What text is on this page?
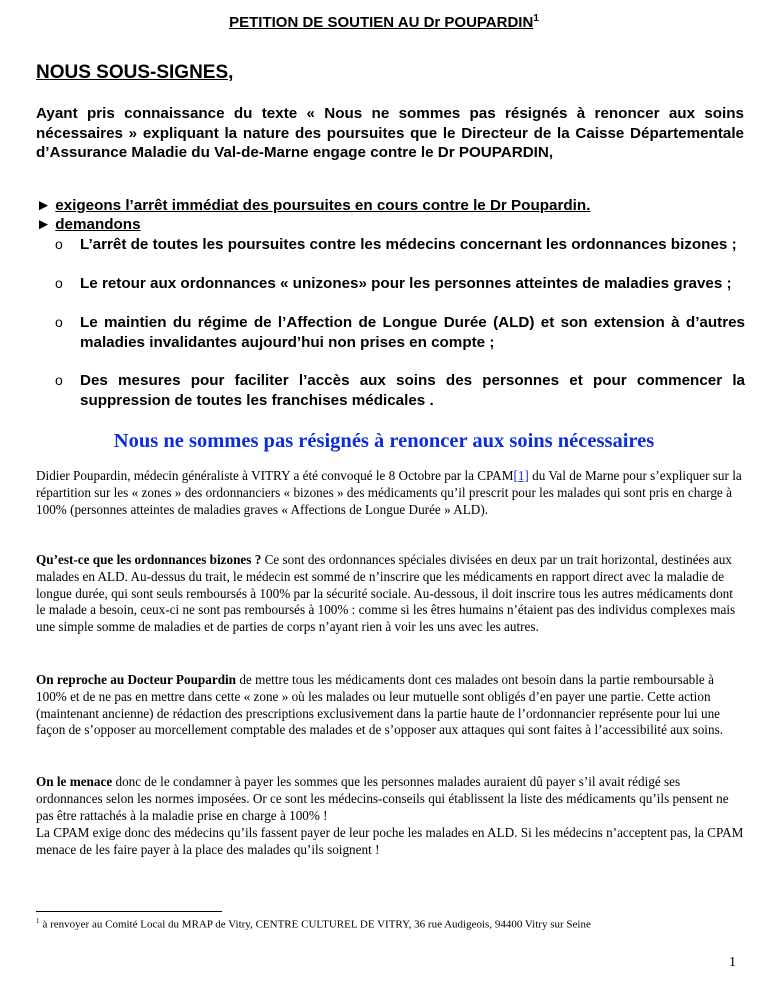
PETITION DE SOUTIEN AU Dr POUPARDIN$^1$
NOUS SOUS-SIGNES,

Ayant pris connaissance du texte « Nous ne sommes pas résignés à renoncer aux soins nécessaires » expliquant la nature des poursuites que le Directeur de la Caisse Départementale d’Assurance Maladie du Val-de-Marne engage contre le Dr POUPARDIN,

► exigeons l’arrêt immédiat des poursuites en cours contre le Dr Poupardin.
► demandons
o L’arrêt de toutes les poursuites contre les médecins concernant les ordonnances bizones ;
o Le retour aux ordonnances « unizones» pour les personnes atteintes de maladies graves ;
o Le maintien du régime de l’Affection de Longue Durée (ALD) et son extension à d’autres maladies invalidantes aujourd’hui non prises en compte ;
o Des mesures pour faciliter l’accès aux soins des personnes et pour commencer la suppression de toutes les franchises médicales .
Nous ne sommes pas résignés à renoncer aux soins nécessaires

Didier Poupardin, médecin généraliste à VITRY a été convoqué le 8 Octobre par la CPAM[1] du Val de Marne pour s’expliquer sur la répartition sur les « zones » des ordonnanciers « bizones » des médicaments qu’il prescrit pour les malades qui sont pris en charge à 100% (personnes atteintes de maladies graves « Affections de Longue Durée » ALD).

Qu’est-ce que les ordonnances bizones ? Ce sont des ordonnances spéciales divisées en deux par un trait horizontal, destinées aux malades en ALD. Au-dessus du trait, le médecin est sommé de n’inscrire que les médicaments en rapport direct avec la maladie de longue durée, qui sont seuls remboursés à 100% par la sécurité sociale. Au-dessous, il doit inscrire tous les autres médicaments dont le malade a besoin, ceux-ci ne sont pas remboursés à 100% : comme si les êtres humains n’étaient pas des individus complexes mais une simple somme de maladies et de parties de corps n’ayant rien à voir les uns avec les autres.

On reproche au Docteur Poupardin de mettre tous les médicaments dont ces malades ont besoin dans la partie remboursable à 100% et de ne pas en mettre dans cette « zone » où les malades ou leur mutuelle sont obligés d’en payer une partie. Cette action (maintenant ancienne) de rédaction des prescriptions exclusivement dans la partie haute de l’ordonnancier représente pour lui une façon de s’opposer au morcellement comptable des malades et de s’opposer aux attaques qui sont faites à l’accessibilité aux soins.

On le menace donc de le condamner à payer les sommes que les personnes malades auraient dû payer s’il avait rédigé ses ordonnances selon les normes imposées. Or ce sont les médecins-conseils qui établissent la liste des médicaments qu’ils pensent ne pas être rattachés à la maladie prise en charge à 100% !

La CPAM exige donc des médecins qu’ils fassent payer de leur poche les malades en ALD. Si les médecins n’acceptent pas, la CPAM menace de les faire payer à la place des malades qu’ils soignent !

$^1$ à renvoyer au Comité Local du MRAP de Vitry, CENTRE CULTUREL DE VITRY, 36 rue Audigeois, 94400 Vitry sur Seine
1
